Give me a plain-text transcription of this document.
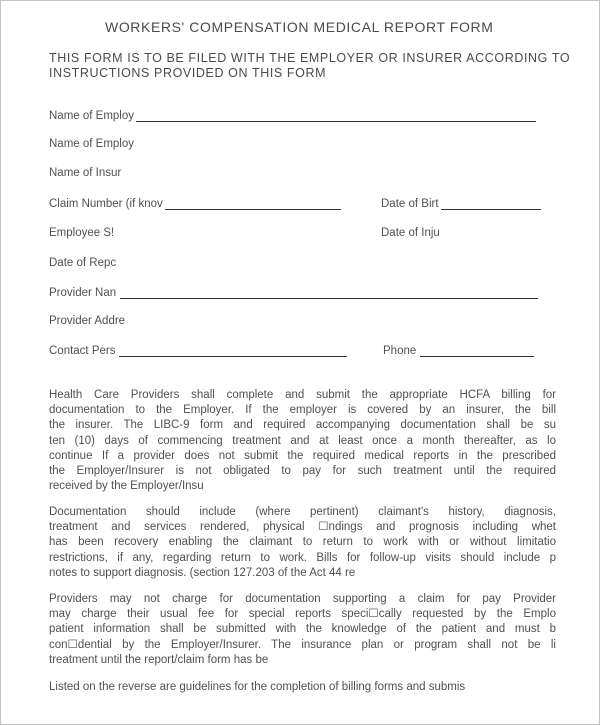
WORKERS' COMPENSATION MEDICAL REPORT FORM
THIS FORM IS TO BE FILED WITH THE EMPLOYER OR INSURER ACCORDING TO
INSTRUCTIONS PROVIDED ON THIS FORM
Name of Employ
Name of Employ
Name of Insur
Claim Number (if knov	Date of Birt
Employee S!	Date of Inju
Date of Repc
Provider Nan
Provider Addre
Contact Pers	Phone
Health Care Providers shall complete and submit the appropriate HCFA billing for
documentation to the Employer. If the employer is covered by an insurer, the bill
the insurer. The LIBC-9 form and required accompanying documentation shall be su
ten (10) days of commencing treatment and at least once a month thereafter, as lo
continue If a provider does not submit the required medical reports in the prescribed
the Employer/Insurer is not obligated to pay for such treatment until the required
received by the Employer/Insu
Documentation should include (where pertinent) claimant's history, diagnosis,
treatment and services rendered, physical ☐ndings and prognosis including whet
has been recovery enabling the claimant to return to work with or without limitatio
restrictions, if any, regarding return to work. Bills for follow-up visits should include p
notes to support diagnosis. (section 127.203 of the Act 44 re
Providers may not charge for documentation supporting a claim for pay Provider
may charge their usual fee for special reports speci☐cally requested by the Emplo
patient information shall be submitted with the knowledge of the patient and must b
con☐dential by the Employer/Insurer. The insurance plan or program shall not be li
treatment until the report/claim form has be
Listed on the reverse are guidelines for the completion of billing forms and submis
